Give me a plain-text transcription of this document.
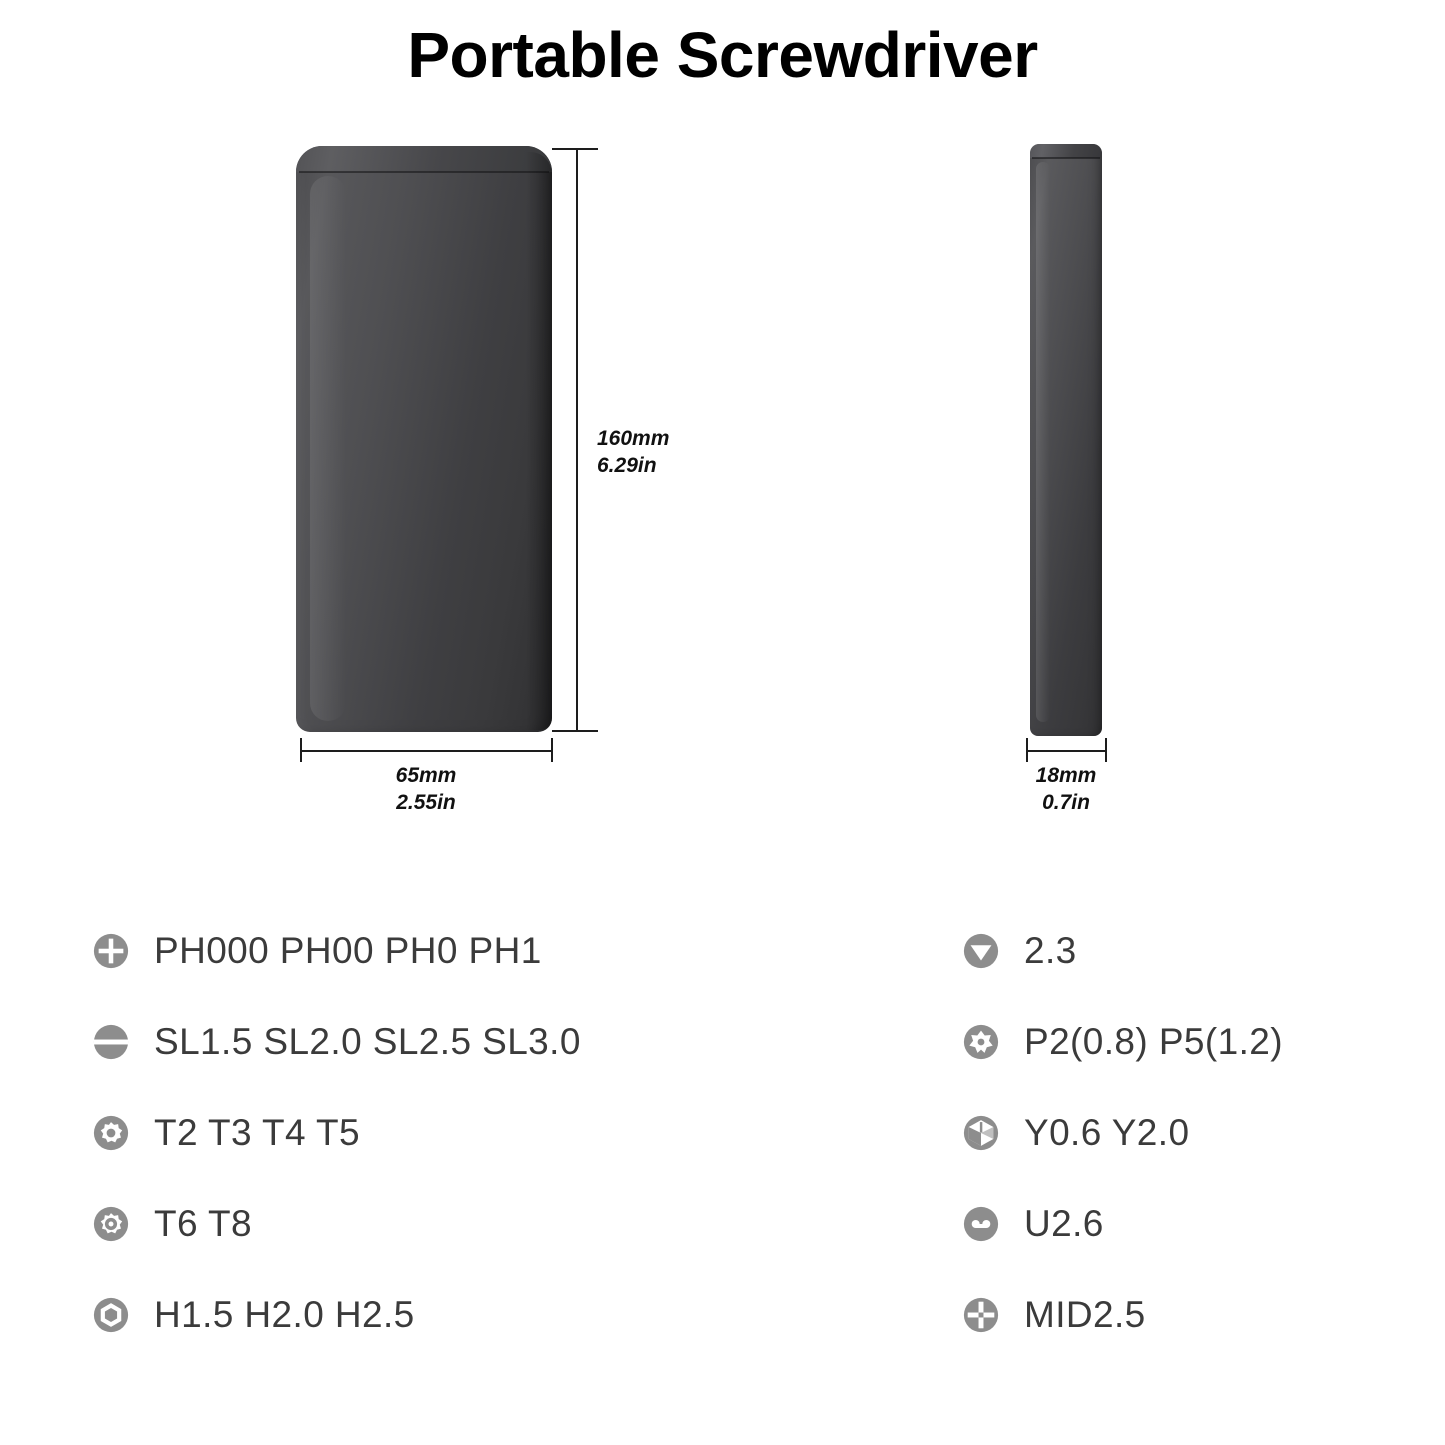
Portable Screwdriver
160mm
6.29in
65mm
2.55in
18mm
0.7in
PH000 PH00 PH0 PH1
SL1.5 SL2.0 SL2.5 SL3.0
T2 T3 T4 T5
T6 T8
H1.5 H2.0 H2.5
2.3
P2(0.8) P5(1.2)
Y0.6 Y2.0
U2.6
MID2.5
